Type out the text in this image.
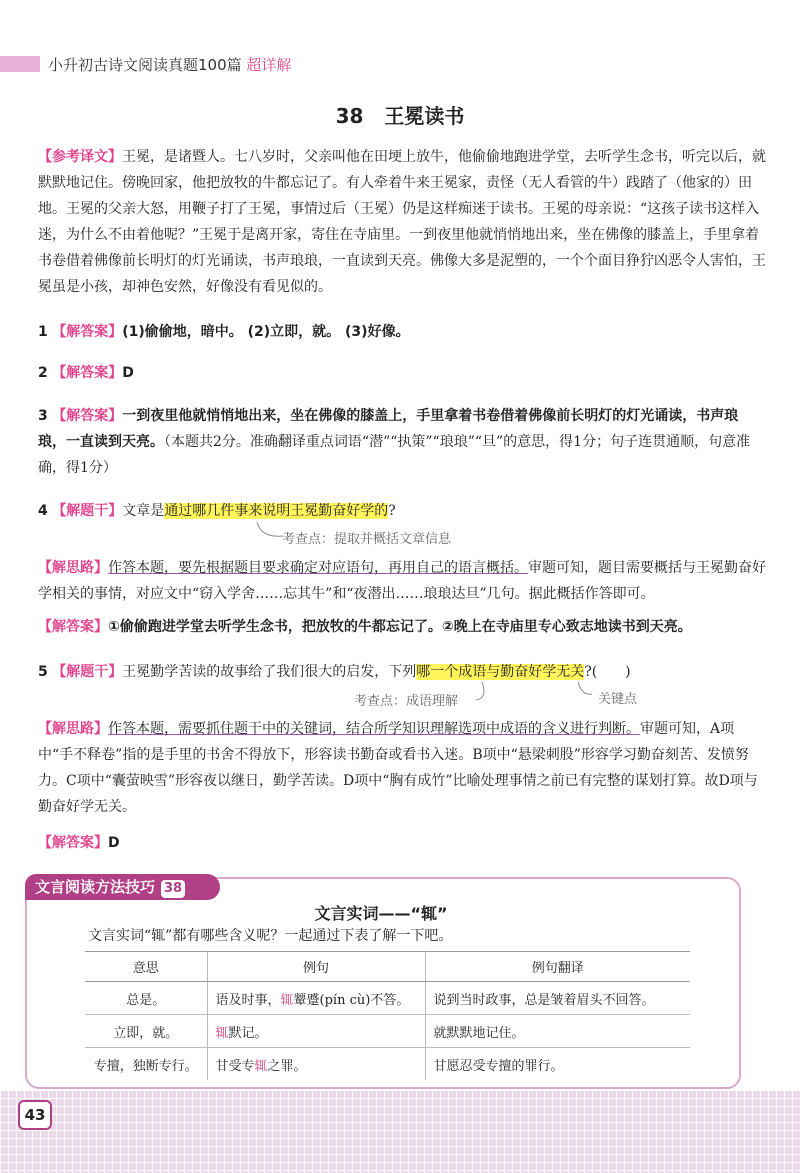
小升初古诗文阅读真题100篇 超详解
38 王冕读书
【参考译文】王冕，是诸暨人。七八岁时，父亲叫他在田埂上放牛，他偷偷地跑进学堂，去听学生念书，听完以后，就默默地记住。傍晚回家，他把放牧的牛都忘记了。有人牵着牛来王冕家，责怪（无人看管的牛）践踏了（他家的）田地。王冕的父亲大怒，用鞭子打了王冕，事情过后（王冕）仍是这样痴迷于读书。王冕的母亲说：“这孩子读书这样入迷，为什么不由着他呢？”王冕于是离开家，寄住在寺庙里。一到夜里他就悄悄地出来，坐在佛像的膝盖上，手里拿着书卷借着佛像前长明灯的灯光诵读，书声琅琅，一直读到天亮。佛像大多是泥塑的，一个个面目狰狞凶恶令人害怕，王冕虽是小孩，却神色安然，好像没有看见似的。
1 【解答案】(1)偷偷地，暗中。 (2)立即，就。 (3)好像。
2 【解答案】D
3 【解答案】一到夜里他就悄悄地出来，坐在佛像的膝盖上，手里拿着书卷借着佛像前长明灯的灯光诵读，书声琅琅，一直读到天亮。（本题共2分。准确翻译重点词语“潜”“执策”“琅琅”“旦”的意思，得1分；句子连贯通顺，句意准确，得1分）
4 【解题干】文章是通过哪几件事来说明王冕勤奋好学的?
考查点：提取并概括文章信息
【解思路】作答本题，要先根据题目要求确定对应语句，再用自己的语言概括。审题可知，题目需要概括与王冕勤奋好学相关的事情，对应文中“窃入学舍……忘其牛”和“夜潜出……琅琅达旦”几句。据此概括作答即可。
【解答案】①偷偷跑进学堂去听学生念书，把放牧的牛都忘记了。②晚上在寺庙里专心致志地读书到天亮。
5 【解题干】王冕勤学苦读的故事给了我们很大的启发，下列哪一个成语与勤奋好学无关?(　　)
考查点：成语理解	关键点
【解思路】作答本题，需要抓住题干中的关键词，结合所学知识理解选项中成语的含义进行判断。审题可知，A项中“手不释卷”指的是手里的书舍不得放下，形容读书勤奋或看书入迷。B项中“悬梁刺股”形容学习勤奋刻苦、发愤努力。C项中“囊萤映雪”形容夜以继日，勤学苦读。D项中“胸有成竹”比喻处理事情之前已有完整的谋划打算。故D项与勤奋好学无关。
【解答案】D
文言阅读方法技巧 38
文言实词——“辄”
文言实词“辄”都有哪些含义呢？一起通过下表了解一下吧。
意思	例句	例句翻译
总是。	语及时事，辄颦蹙(pín cù)不答。	说到当时政事，总是皱着眉头不回答。
立即，就。	辄默记。	就默默地记住。
专擅，独断专行。	甘受专辄之罪。	甘愿忍受专擅的罪行。
43
